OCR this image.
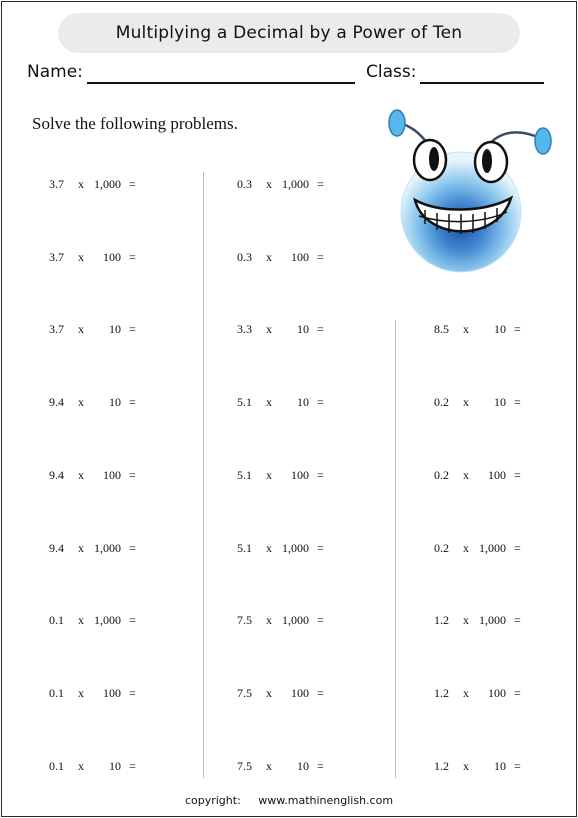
Multiplying a Decimal by a Power of Ten
Name:	Class:
Solve the following problems.
3.7 x 1,000 =
3.7 x 100 =
3.7 x 10 =
9.4 x 10 =
9.4 x 100 =
9.4 x 1,000 =
0.1 x 1,000 =
0.1 x 100 =
0.1 x 10 =
0.3 x 1,000 =
0.3 x 100 =
3.3 x 10 =
5.1 x 10 =
5.1 x 100 =
5.1 x 1,000 =
7.5 x 1,000 =
7.5 x 100 =
7.5 x 10 =
8.5 x 10 =
0.2 x 10 =
0.2 x 100 =
0.2 x 1,000 =
1.2 x 1,000 =
1.2 x 100 =
1.2 x 10 =
copyright: www.mathinenglish.com
